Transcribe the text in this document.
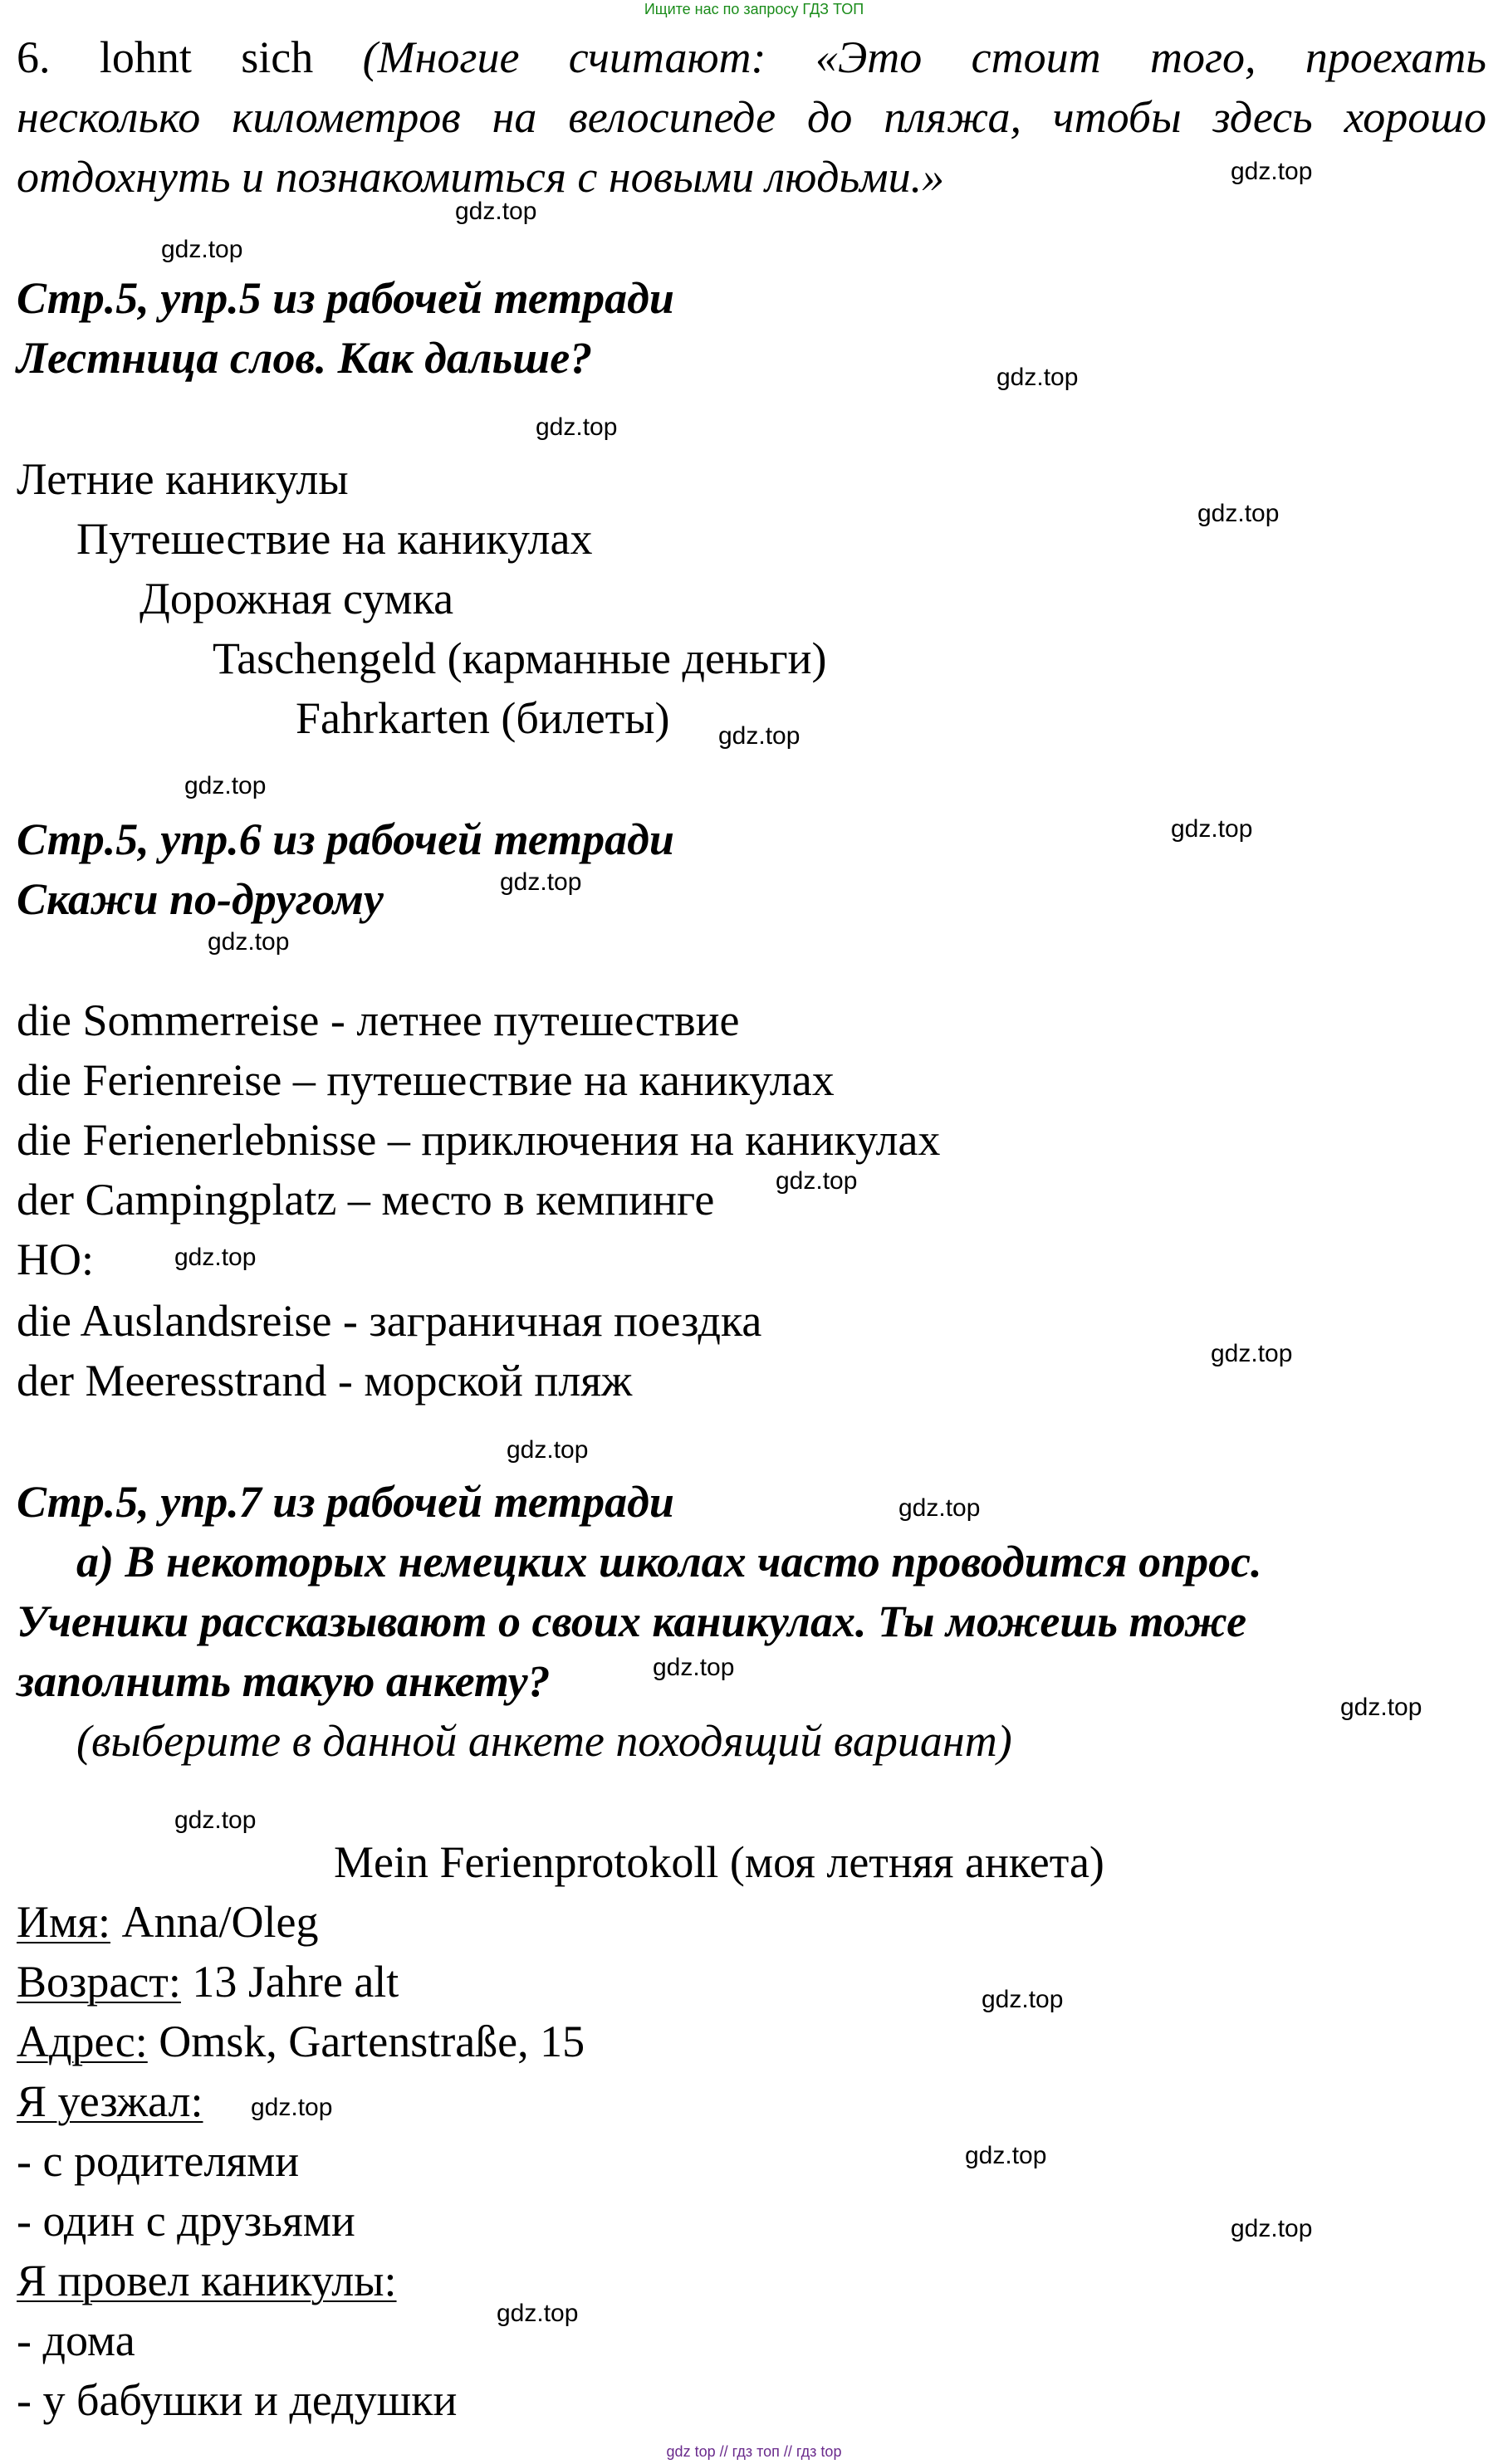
Ищите нас по запросу ГДЗ ТОП
6. lohnt sich (Многие считают: «Это стоит того, проехать
несколько километров на велосипеде до пляжа, чтобы здесь хорошо
отдохнуть и познакомиться с новыми людьми.»
Стр.5, упр.5 из рабочей тетради
Лестница слов. Как дальше?
Летние каникулы
Путешествие на каникулах
Дорожная сумка
Taschengeld (карманные деньги)
Fahrkarten (билеты)
Стр.5, упр.6 из рабочей тетради
Скажи по-другому
die Sommerreise - летнее путешествие
die Ferienreise – путешествие на каникулах
die Ferienerlebnisse – приключения на каникулах
der Campingplatz – место в кемпинге
НО:
die Auslandsreise - заграничная поездка
der Meeresstrand - морской пляж
Стр.5, упр.7 из рабочей тетради
а) В некоторых немецких школах часто проводится опрос.
Ученики рассказывают о своих каникулах. Ты можешь тоже
заполнить такую анкету?
(выберите в данной анкете походящий вариант)
Mein Ferienprotokoll (моя летняя анкета)
Имя: Anna/Oleg
Возраст: 13 Jahre alt
Адрес: Omsk, Gartenstraße, 15
Я уезжал:
- с родителями
- один с друзьями
Я провел каникулы:
- дома
- у бабушки и дедушки
gdz.top
gdz.top
gdz.top
gdz.top
gdz.top
gdz.top
gdz.top
gdz.top
gdz.top
gdz.top
gdz.top
gdz.top
gdz.top
gdz.top
gdz.top
gdz.top
gdz.top
gdz.top
gdz.top
gdz.top
gdz.top
gdz.top
gdz.top
gdz.top
gdz top // гдз топ // гдз top
